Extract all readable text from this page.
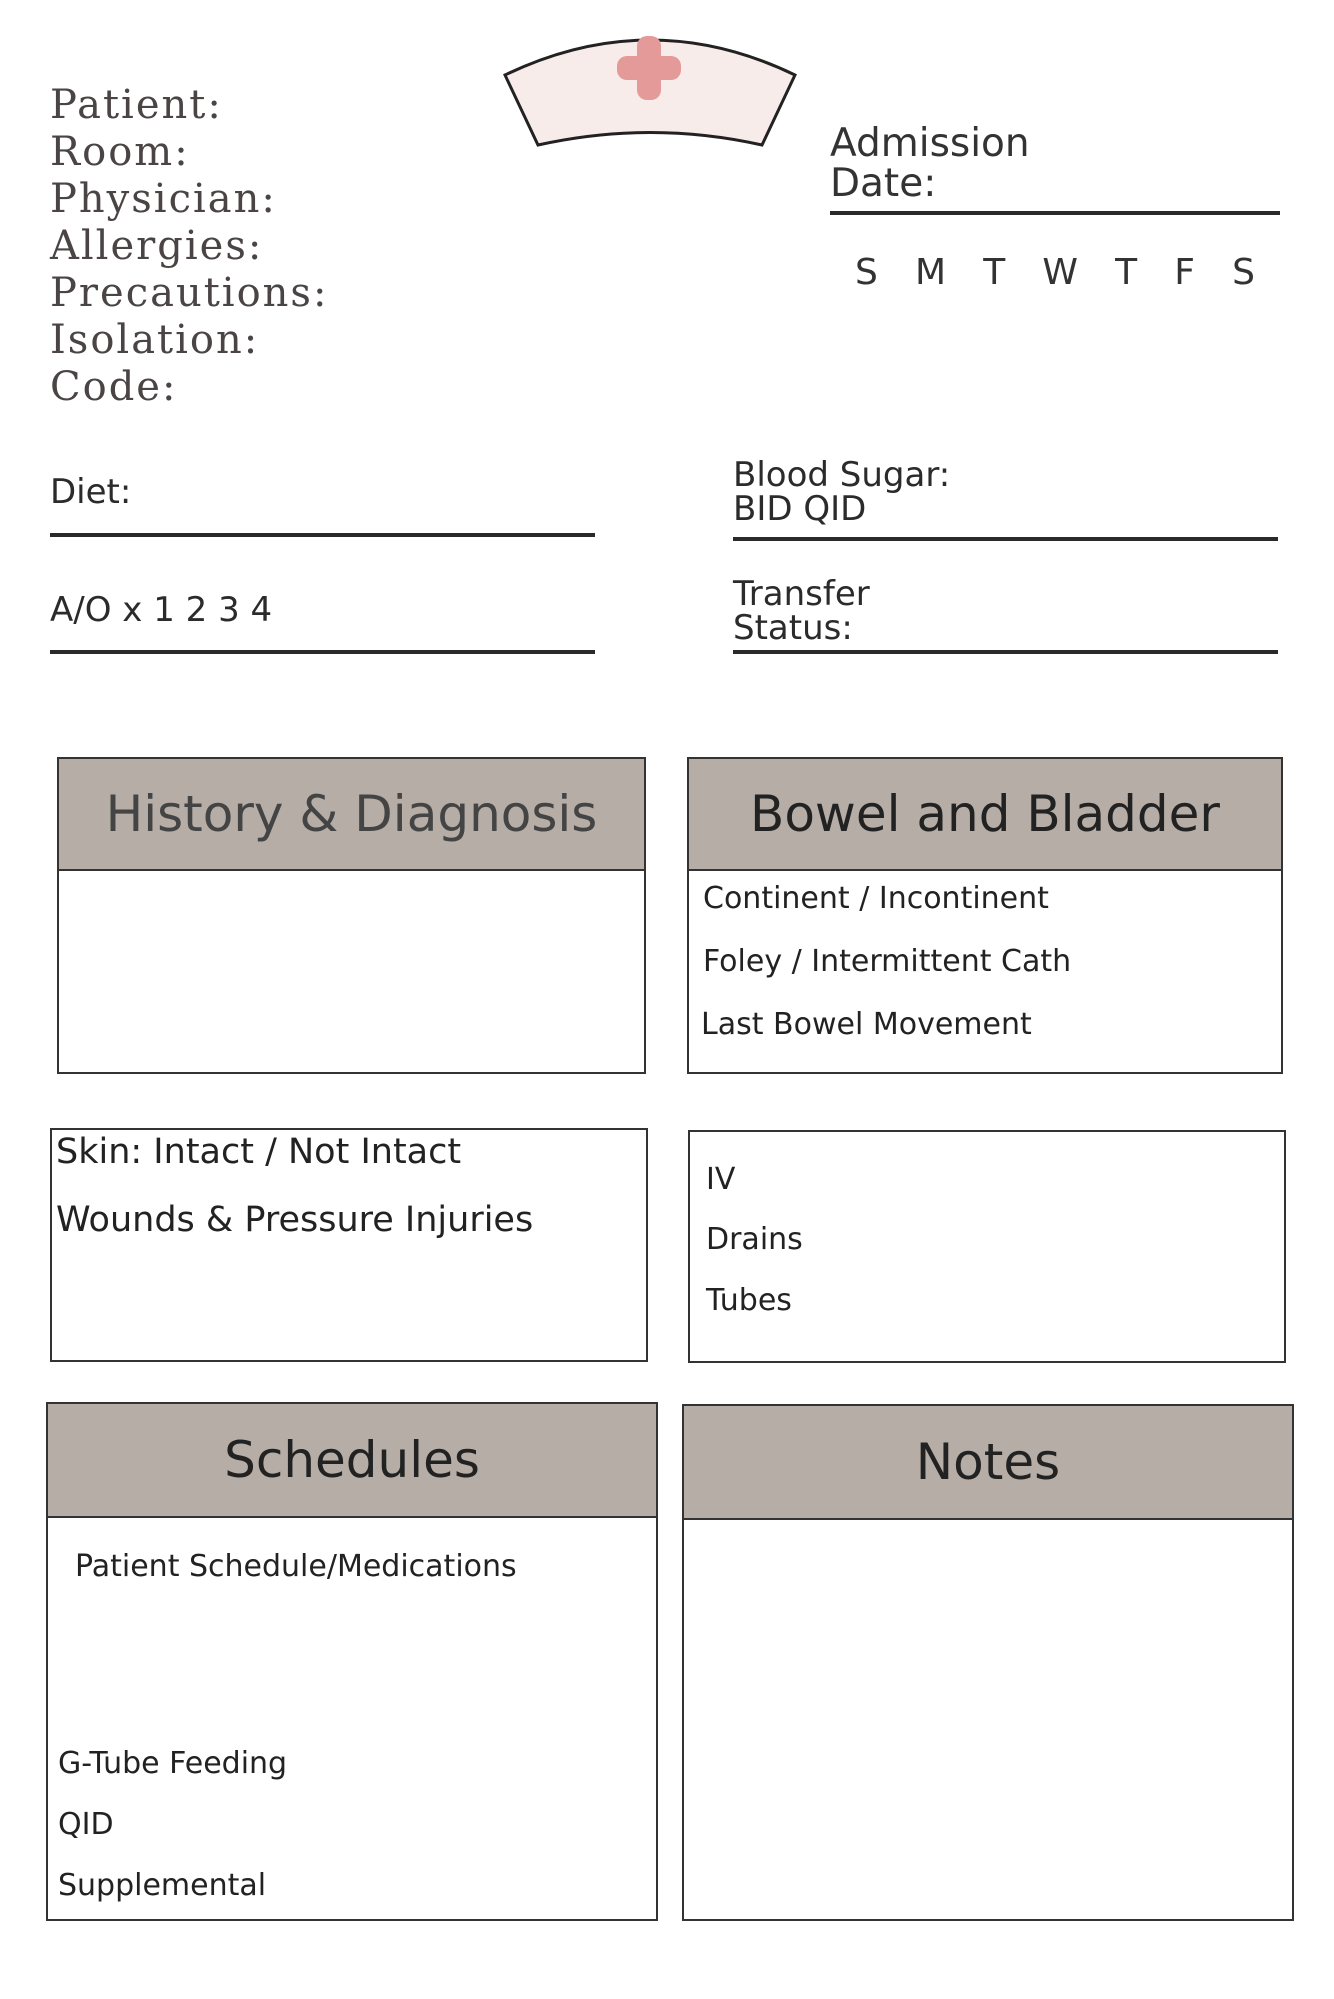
Patient:
Room:
Physician:
Allergies:
Precautions:
Isolation:
Code:
Admission
Date:
S M T W T F S
Diet:
A/O x 1 2 3 4
Blood Sugar:
BID QID
Transfer
Status:
History & Diagnosis	Bowel and Bladder
Continent / Incontinent
Foley / Intermittent Cath
Last Bowel Movement
Skin: Intact / Not Intact
Wounds & Pressure Injuries
IV
Drains
Tubes
Schedules
Patient Schedule/Medications
G-Tube Feeding
QID
Supplemental
Notes
